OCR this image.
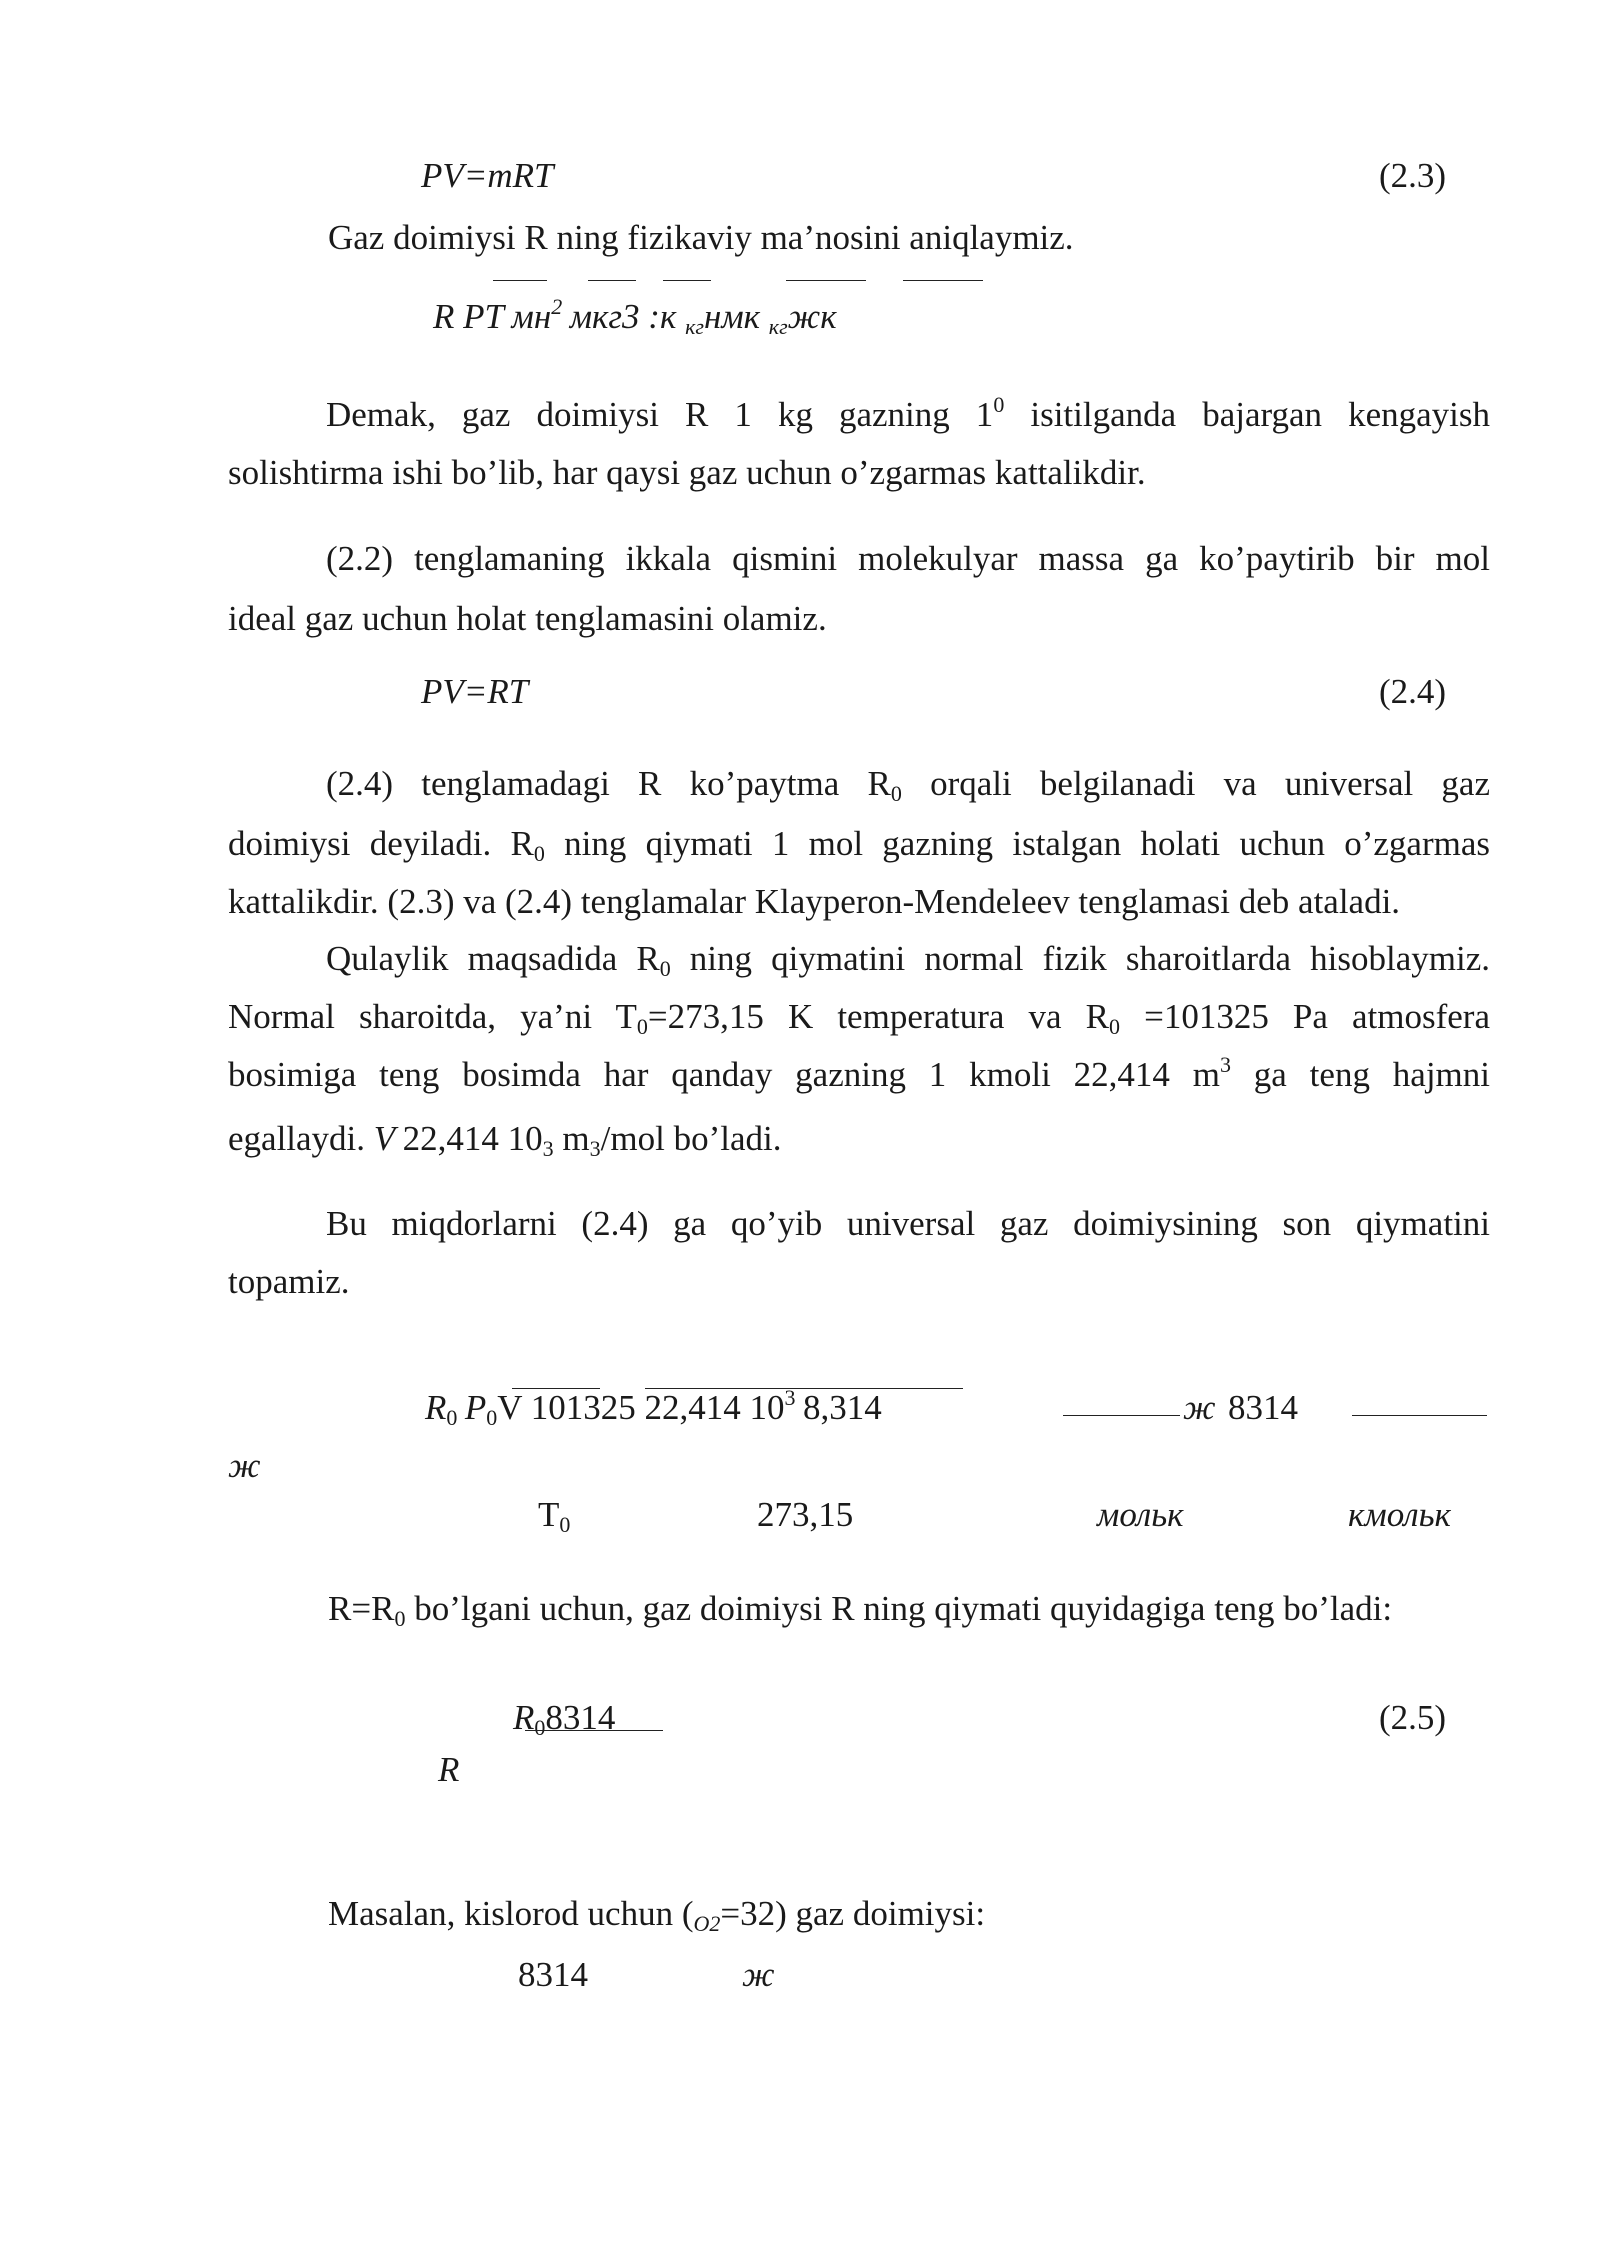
PV=mRT	(2.3)
Gaz doimiysi R ning fizikaviy ma’nosini aniqlaymiz.
R PT $мн^2$ мкг3 :к $_{кг}$нмк $_{кг}$жк
Demak, gaz doimiysi R 1 kg gazning $1^0$ isitilganda bajargan kengayish
solishtirma ishi bo’lib, har qaysi gaz uchun o’zgarmas kattalikdir.
(2.2) tenglamaning ikkala qismini molekulyar massa ga ko’paytirib bir mol
ideal gaz uchun holat tenglamasini olamiz.
PV=RT	(2.4)
(2.4) tenglamadagi R ko’paytma $R_0$ orqali belgilanadi va universal gaz
doimiysi deyiladi. $R_0$ ning qiymati 1 mol gazning istalgan holati uchun o’zgarmas
kattalikdir. (2.3) va (2.4) tenglamalar Klayperon-Mendeleev tenglamasi deb ataladi.
Qulaylik maqsadida $R_0$ ning qiymatini normal fizik sharoitlarda hisoblaymiz.
Normal sharoitda, ya’ni $T_0=273,15$ K temperatura va $R_0 =101325$ Pa atmosfera
bosimiga teng bosimda har qanday gazning 1 kmoli 22,414 $m^3$ ga teng hajmni
egallaydi. V 22,414 $10_3$ $m_3$/mol bo’ladi.
Bu miqdorlarni (2.4) ga qo’yib universal gaz doimiysining son qiymatini
topamiz.
$R_0$ $P_0V$ 101325 22,414 $10^3$ 8,314	ж 8314
ж
$T_0$	273,15	мольк	кмольк
$R=R_0$ bo’lgani uchun, gaz doimiysi R ning qiymati quyidagiga teng bo’ladi:
$R_08314$	(2.5)
R
Masalan, kislorod uchun $(_{O2}=32)$ gaz doimiysi:
8314	ж
